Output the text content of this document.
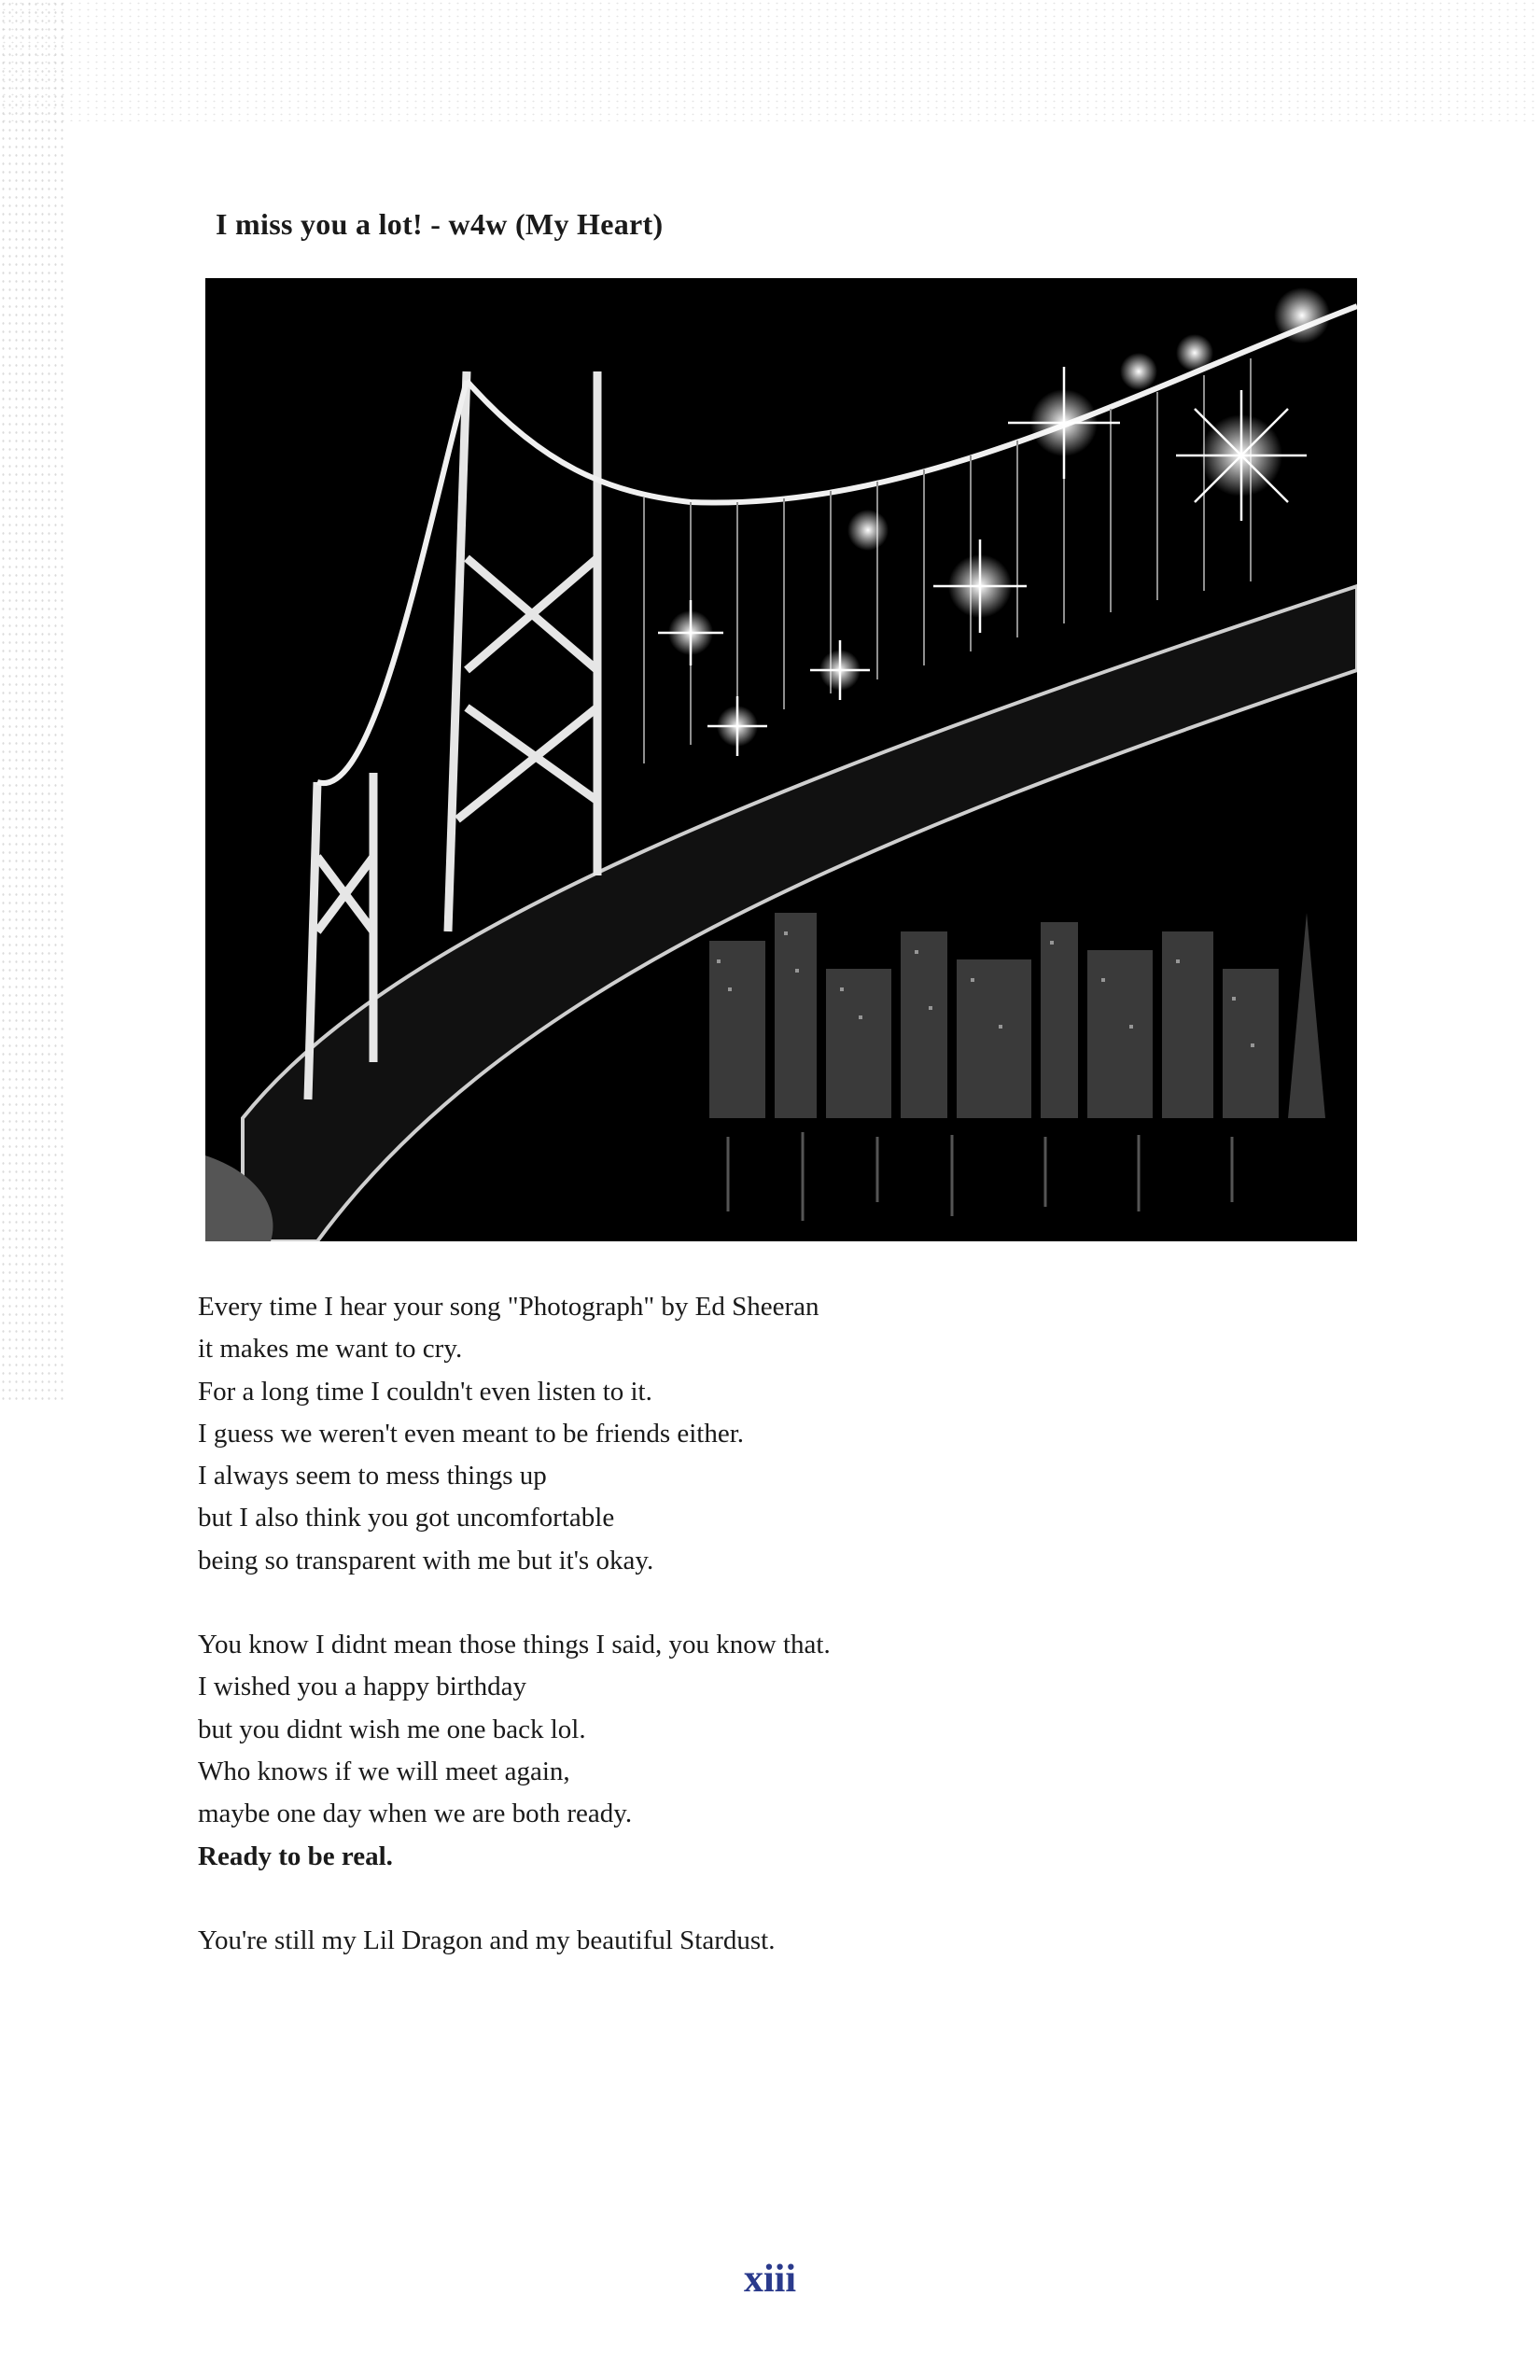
I miss you a lot! - w4w (My Heart)
Every time I hear your song "Photograph" by Ed Sheeran
it makes me want to cry.
For a long time I couldn't even listen to it.
I guess we weren't even meant to be friends either.
I always seem to mess things up
but I also think you got uncomfortable
being so transparent with me but it's okay.
You know I didnt mean those things I said, you know that.
I wished you a happy birthday
but you didnt wish me one back lol.
Who knows if we will meet again,
maybe one day when we are both ready.
Ready to be real.
You're still my Lil Dragon and my beautiful Stardust.
xiii
